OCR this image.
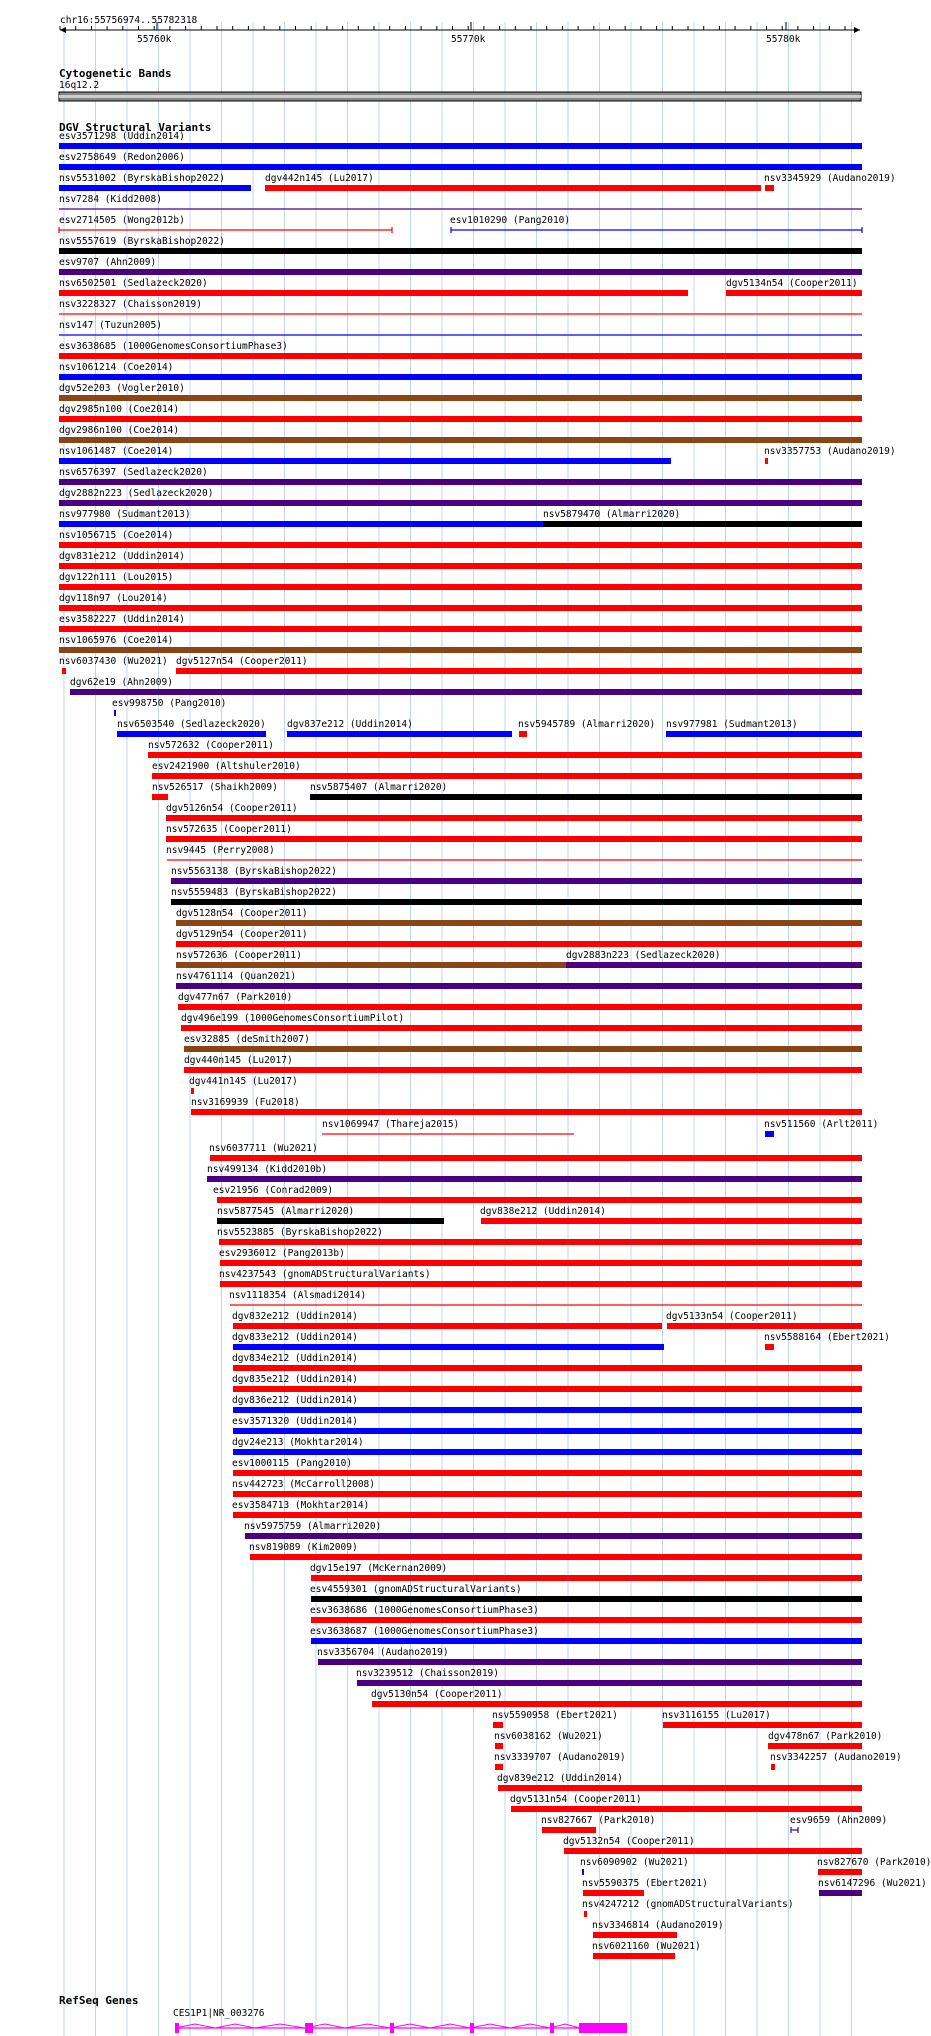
chr16:55756974..55782318
55760k	55770k	55780k
Cytogenetic Bands
16q12.2
DGV Structural Variants
RefSeq Genes
CES1P1|NR_003276
esv3571298 (Uddin2014)
esv2758649 (Redon2006)
nsv5531002 (ByrskaBishop2022)	dgv442n145 (Lu2017)	nsv3345929 (Audano2019)
nsv7284 (Kidd2008)
esv2714505 (Wong2012b)	esv1010290 (Pang2010)
nsv5557619 (ByrskaBishop2022)
esv9707 (Ahn2009)
nsv6502501 (Sedlazeck2020)	dgv5134n54 (Cooper2011)
nsv3228327 (Chaisson2019)
nsv147 (Tuzun2005)
esv3638685 (1000GenomesConsortiumPhase3)
nsv1061214 (Coe2014)
dgv52e203 (Vogler2010)
dgv2985n100 (Coe2014)
dgv2986n100 (Coe2014)
nsv1061487 (Coe2014)	nsv3357753 (Audano2019)
nsv6576397 (Sedlazeck2020)
dgv2882n223 (Sedlazeck2020)
nsv977980 (Sudmant2013)	nsv5879470 (Almarri2020)
nsv1056715 (Coe2014)
dgv831e212 (Uddin2014)
dgv122n111 (Lou2015)
dgv118n97 (Lou2014)
esv3582227 (Uddin2014)
nsv1065976 (Coe2014)
nsv6037430 (Wu2021) dgv5127n54 (Cooper2011)
dgv62e19 (Ahn2009)
esv998750 (Pang2010)
nsv6503540 (Sedlazeck2020) dgv837e212 (Uddin2014)	nsv5945789 (Almarri2020) nsv977981 (Sudmant2013)
nsv572632 (Cooper2011)
esv2421900 (Altshuler2010)
nsv526517 (Shaikh2009)	nsv5875407 (Almarri2020)
dgv5126n54 (Cooper2011)
nsv572635 (Cooper2011)
nsv9445 (Perry2008)
nsv5563138 (ByrskaBishop2022)
nsv5559483 (ByrskaBishop2022)
dgv5128n54 (Cooper2011)
dgv5129n54 (Cooper2011)
nsv572636 (Cooper2011)	dgv2883n223 (Sedlazeck2020)
nsv4761114 (Quan2021)
dgv477n67 (Park2010)
dgv496e199 (1000GenomesConsortiumPilot)
esv32885 (deSmith2007)
dgv440n145 (Lu2017)
dgv441n145 (Lu2017)
nsv3169939 (Fu2018)
nsv1069947 (Thareja2015)	nsv511560 (Arlt2011)
nsv6037711 (Wu2021)
nsv499134 (Kidd2010b)
esv21956 (Conrad2009)
nsv5877545 (Almarri2020)	dgv838e212 (Uddin2014)
nsv5523885 (ByrskaBishop2022)
esv2936012 (Pang2013b)
nsv4237543 (gnomADStructuralVariants)
nsv1118354 (Alsmadi2014)
dgv832e212 (Uddin2014)	dgv5133n54 (Cooper2011)
dgv833e212 (Uddin2014)	nsv5588164 (Ebert2021)
dgv834e212 (Uddin2014)
dgv835e212 (Uddin2014)
dgv836e212 (Uddin2014)
esv3571320 (Uddin2014)
dgv24e213 (Mokhtar2014)
esv1000115 (Pang2010)
nsv442723 (McCarroll2008)
esv3584713 (Mokhtar2014)
nsv5975759 (Almarri2020)
nsv819089 (Kim2009)
dgv15e197 (McKernan2009)
esv4559301 (gnomADStructuralVariants)
esv3638686 (1000GenomesConsortiumPhase3)
esv3638687 (1000GenomesConsortiumPhase3)
nsv3356704 (Audano2019)
nsv3239512 (Chaisson2019)
dgv5130n54 (Cooper2011)
nsv5590958 (Ebert2021)	nsv3116155 (Lu2017)
nsv6038162 (Wu2021)	dgv478n67 (Park2010)
nsv3339707 (Audano2019)	nsv3342257 (Audano2019)
dgv839e212 (Uddin2014)
dgv5131n54 (Cooper2011)
nsv827667 (Park2010)	esv9659 (Ahn2009)
dgv5132n54 (Cooper2011)
nsv6090902 (Wu2021)	nsv827670 (Park2010)
nsv5590375 (Ebert2021)	nsv6147296 (Wu2021)
nsv4247212 (gnomADStructuralVariants)
nsv3346814 (Audano2019)
nsv6021160 (Wu2021)
